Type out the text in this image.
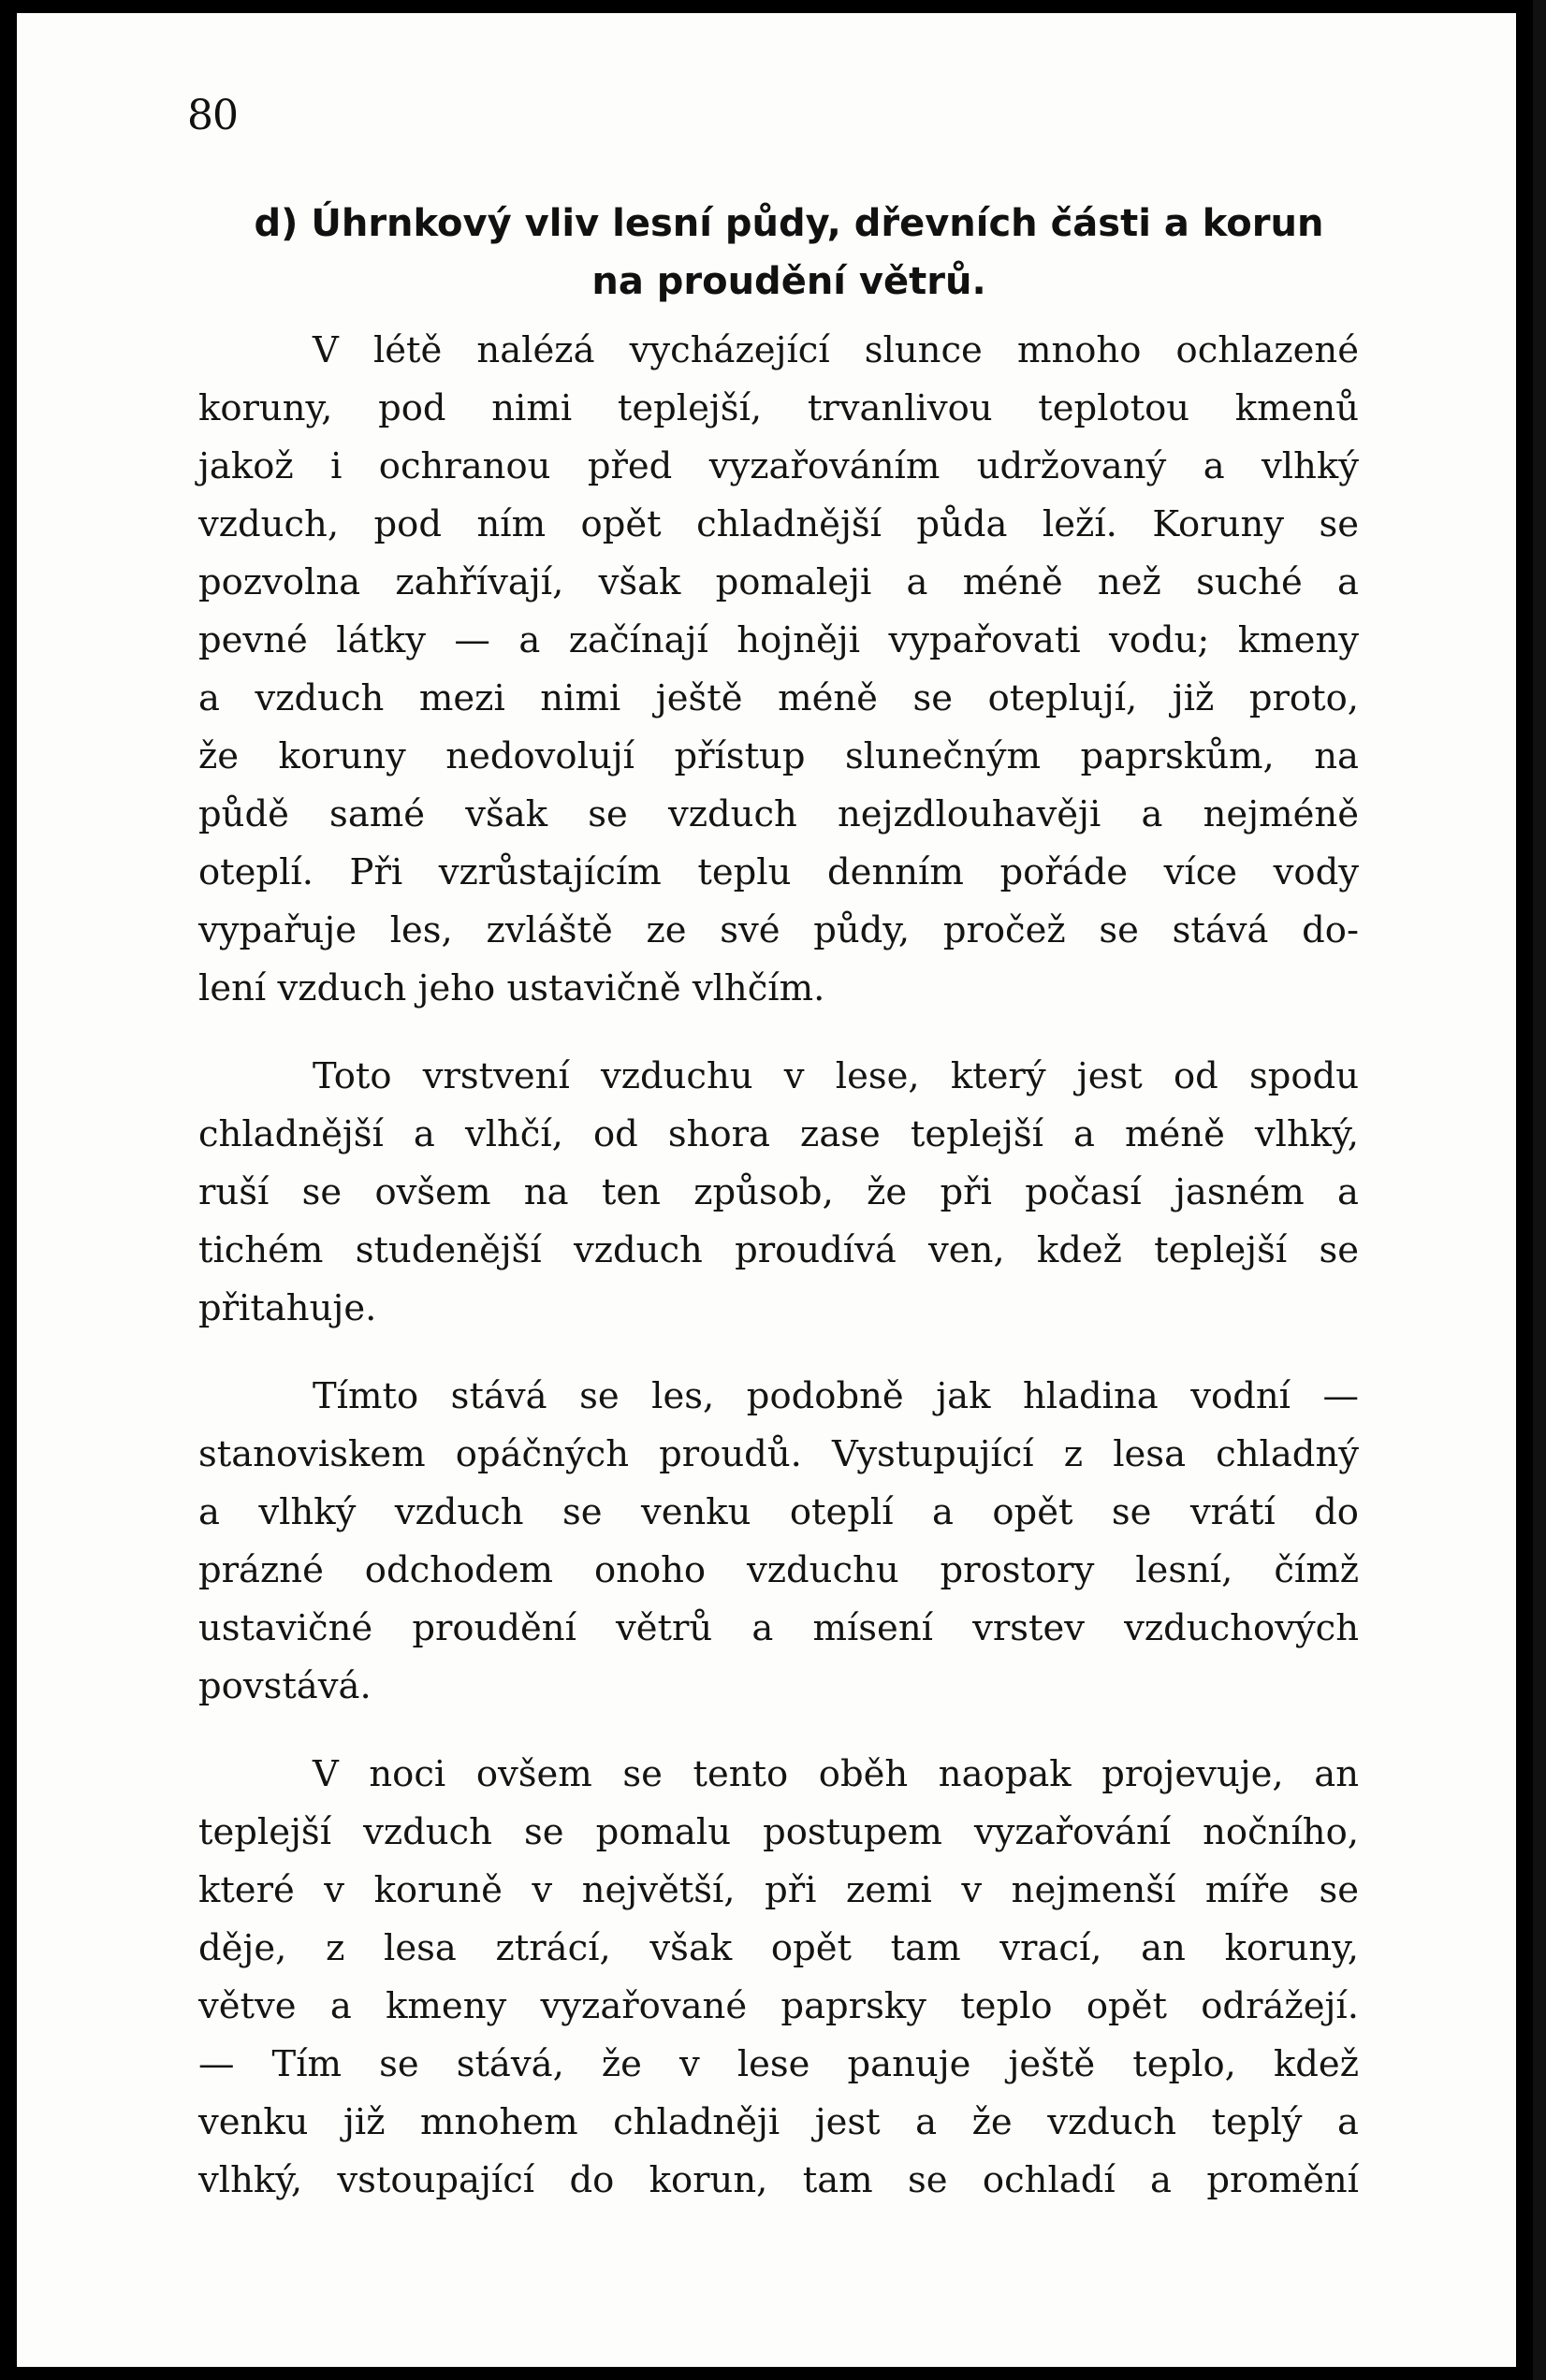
80
d) Úhrnkový vliv lesní půdy, dřevních části a korun
na proudění větrů.
V létě nalézá vycházející slunce mnoho ochlazené
koruny, pod nimi teplejší, trvanlivou teplotou kmenů
jakož i ochranou před vyzařováním udržovaný a vlhký
vzduch, pod ním opět chladnější půda leží. Koruny se
pozvolna zahřívají, však pomaleji a méně než suché a
pevné látky — a začínají hojněji vypařovati vodu; kmeny
a vzduch mezi nimi ještě méně se oteplují, již proto,
že koruny nedovolují přístup slunečným paprskům, na
půdě samé však se vzduch nejzdlouhavěji a nejméně
oteplí. Při vzrůstajícím teplu denním pořáde více vody
vypařuje les, zvláště ze své půdy, pročež se stává do-
lení vzduch jeho ustavičně vlhčím.
Toto vrstvení vzduchu v lese, který jest od spodu
chladnější a vlhčí, od shora zase teplejší a méně vlhký,
ruší se ovšem na ten způsob, že při počasí jasném a
tichém studenější vzduch proudívá ven, kdež teplejší se
přitahuje.
Tímto stává se les, podobně jak hladina vodní —
stanoviskem opáčných proudů. Vystupující z lesa chladný
a vlhký vzduch se venku oteplí a opět se vrátí do
prázné odchodem onoho vzduchu prostory lesní, čímž
ustavičné proudění větrů a mísení vrstev vzduchových
povstává.
V noci ovšem se tento oběh naopak projevuje, an
teplejší vzduch se pomalu postupem vyzařování nočního,
které v koruně v největší, při zemi v nejmenší míře se
děje, z lesa ztrácí, však opět tam vrací, an koruny,
větve a kmeny vyzařované paprsky teplo opět odrážejí.
— Tím se stává, že v lese panuje ještě teplo, kdež
venku již mnohem chladněji jest a že vzduch teplý a
vlhký, vstoupající do korun, tam se ochladí a promění
